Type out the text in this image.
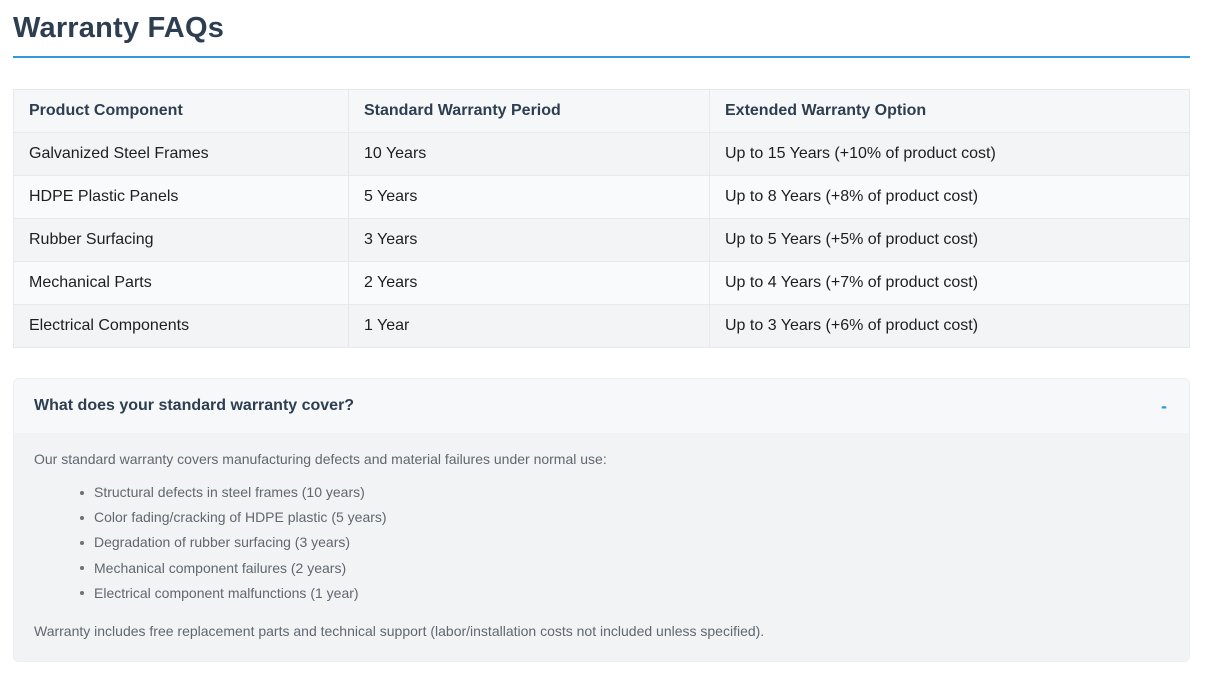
Warranty FAQs
Product Component	Standard Warranty Period	Extended Warranty Option
Galvanized Steel Frames	10 Years	Up to 15 Years (+10% of product cost)
HDPE Plastic Panels	5 Years	Up to 8 Years (+8% of product cost)
Rubber Surfacing	3 Years	Up to 5 Years (+5% of product cost)
Mechanical Parts	2 Years	Up to 4 Years (+7% of product cost)
Electrical Components	1 Year	Up to 3 Years (+6% of product cost)
What does your standard warranty cover?	-

Our standard warranty covers manufacturing defects and material failures under normal use:

Structural defects in steel frames (10 years)
Color fading/cracking of HDPE plastic (5 years)
Degradation of rubber surfacing (3 years)
Mechanical component failures (2 years)
Electrical component malfunctions (1 year)

Warranty includes free replacement parts and technical support (labor/installation costs not included unless specified).
